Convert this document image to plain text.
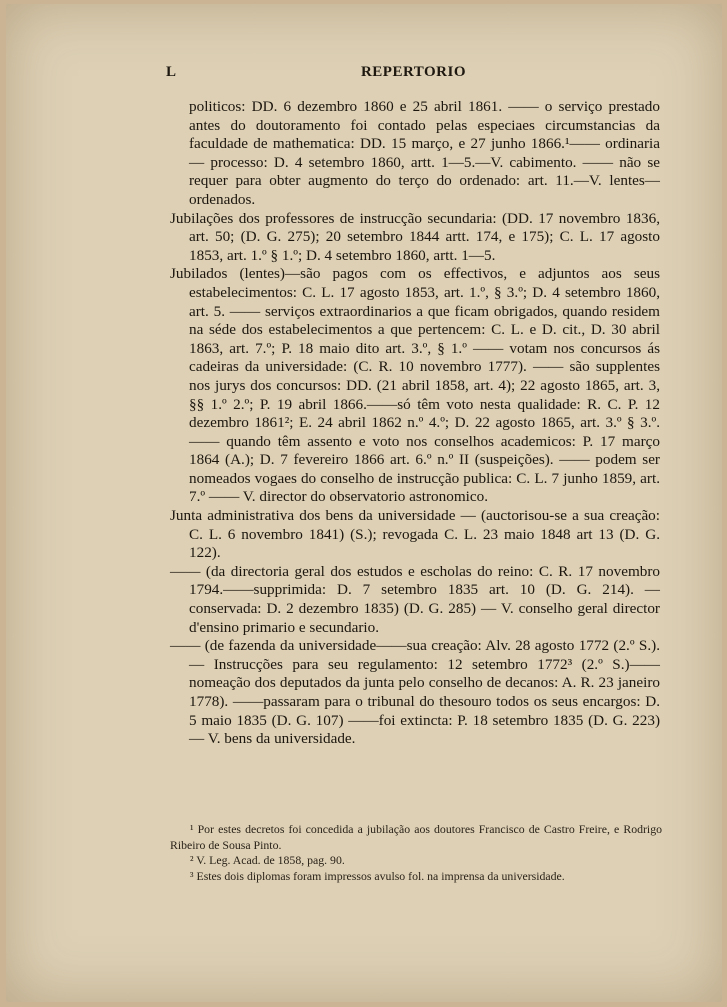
L	REPERTORIO

politicos: DD. 6 dezembro 1860 e 25 abril 1861. —— o serviço prestado antes do doutoramento foi contado pelas especiaes circumstancias da faculdade de mathematica: DD. 15 março, e 27 junho 1866.¹—— ordinaria — processo: D. 4 setembro 1860, artt. 1—5.—V. cabimento. —— não se requer para obter augmento do terço do ordenado: art. 11.—V. lentes—ordenados.

Jubilações dos professores de instrucção secundaria: (DD. 17 novembro 1836, art. 50; (D. G. 275); 20 setembro 1844 artt. 174, e 175); C. L. 17 agosto 1853, art. 1.º § 1.º; D. 4 setembro 1860, artt. 1—5.

Jubilados (lentes)—são pagos com os effectivos, e adjuntos aos seus estabelecimentos: C. L. 17 agosto 1853, art. 1.º, § 3.º; D. 4 setembro 1860, art. 5. —— serviços extraordinarios a que ficam obrigados, quando residem na séde dos estabelecimentos a que pertencem: C. L. e D. cit., D. 30 abril 1863, art. 7.º; P. 18 maio dito art. 3.º, § 1.º —— votam nos concursos ás cadeiras da universidade: (C. R. 10 novembro 1777). —— são supplentes nos jurys dos concursos: DD. (21 abril 1858, art. 4); 22 agosto 1865, art. 3, §§ 1.º 2.º; P. 19 abril 1866.——só têm voto nesta qualidade: R. C. P. 12 dezembro 1861²; E. 24 abril 1862 n.º 4.º; D. 22 agosto 1865, art. 3.º § 3.º. —— quando têm assento e voto nos conselhos academicos: P. 17 março 1864 (A.); D. 7 fevereiro 1866 art. 6.º n.º II (suspeições). —— podem ser nomeados vogaes do conselho de instrucção publica: C. L. 7 junho 1859, art. 7.º —— V. director do observatorio astronomico.

Junta administrativa dos bens da universidade — (auctorisou-se a sua creação: C. L. 6 novembro 1841) (S.); revogada C. L. 23 maio 1848 art 13 (D. G. 122).

—— (da directoria geral dos estudos e escholas do reino: C. R. 17 novembro 1794.——supprimida: D. 7 setembro 1835 art. 10 (D. G. 214). — conservada: D. 2 dezembro 1835) (D. G. 285) — V. conselho geral director d'ensino primario e secundario.

—— (de fazenda da universidade——sua creação: Alv. 28 agosto 1772 (2.º S.).— Instrucções para seu regulamento: 12 setembro 1772³ (2.º S.)—— nomeação dos deputados da junta pelo conselho de decanos: A. R. 23 janeiro 1778). ——passaram para o tribunal do thesouro todos os seus encargos: D. 5 maio 1835 (D. G. 107) ——foi extincta: P. 18 setembro 1835 (D. G. 223) — V. bens da universidade.

¹ Por estes decretos foi concedida a jubilação aos doutores Francisco de Castro Freire, e Rodrigo Ribeiro de Sousa Pinto.

² V. Leg. Acad. de 1858, pag. 90.

³ Estes dois diplomas foram impressos avulso fol. na imprensa da universidade.
